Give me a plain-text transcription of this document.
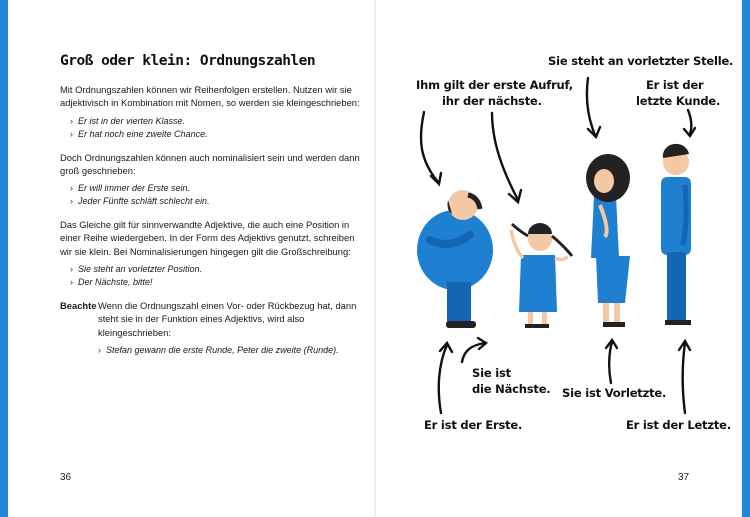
Groß oder klein: Ordnungszahlen

Mit Ordnungszahlen können wir Reihenfolgen erstellen. Nutzen wir sie adjektivisch in Kombination mit Nomen, so werden sie kleingeschrieben:

› Er ist in der vierten Klasse.
› Er hat noch eine zweite Chance.

Doch Ordnungszahlen können auch nominalisiert sein und werden dann groß geschrieben:

› Er will immer der Erste sein.
› Jeder Fünfte schläft schlecht ein.

Das Gleiche gilt für sinnverwandte Adjektive, die auch eine Position in einer Reihe wiedergeben. In der Form des Adjektivs genutzt, schreiben wir sie klein. Bei Nominalisierungen hingegen gilt die Großschreibung:

› Sie steht an vorletzter Position.
› Der Nächste, bitte!
Beachte Wenn die Ordnungszahl einen Vor- oder Rückbezug hat, dann steht sie in der Funktion eines Adjektivs, wird also kleingeschrieben:

› Stefan gewann die erste Runde, Peter die zweite (Runde).
36
Sie steht an vorletzter Stelle.
Ihm gilt der erste Aufruf,
ihr der nächste.
Er ist der
letzte Kunde.
Er ist der Erste.
Sie ist
die Nächste. Sie ist Vorletzte.
Er ist der Letzte.
37
